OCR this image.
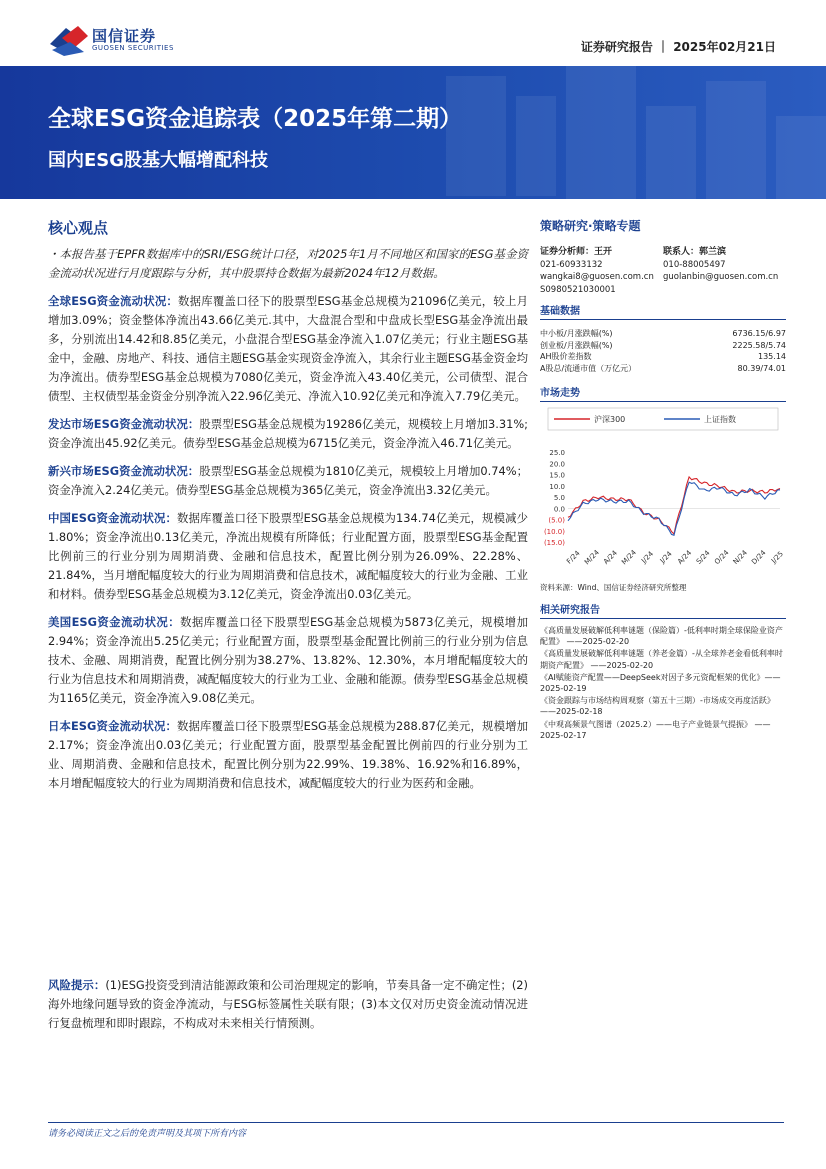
国信证券
GUOSEN SECURITIES	证券研究报告 ｜ 2025年02月21日
全球ESG资金追踪表（2025年第二期）
国内ESG股基大幅增配科技
核心观点

・本报告基于EPFR数据库中的SRI/ESG统计口径，对2025年1月不同地区和国家的ESG基金资金流动状况进行月度跟踪与分析，其中股票持仓数据为最新2024年12月数据。

全球ESG资金流动状况：数据库覆盖口径下的股票型ESG基金总规模为21096亿美元，较上月增加3.09%；资金整体净流出43.66亿美元.其中，大盘混合型和中盘成长型ESG基金净流出最多，分别流出14.42和8.85亿美元，小盘混合型ESG基金净流入1.07亿美元；行业主题ESG基金中，金融、房地产、科技、通信主题ESG基金实现资金净流入，其余行业主题ESG基金资金均为净流出。债券型ESG基金总规模为7080亿美元，资金净流入43.40亿美元，公司债型、混合债型、主权债型基金资金分别净流入22.96亿美元、净流入10.92亿美元和净流入7.79亿美元。

发达市场ESG资金流动状况：股票型ESG基金总规模为19286亿美元，规模较上月增加3.31%;资金净流出45.92亿美元。债券型ESG基金总规模为6715亿美元，资金净流入46.71亿美元。

新兴市场ESG资金流动状况：股票型ESG基金总规模为1810亿美元，规模较上月增加0.74%；资金净流入2.24亿美元。债券型ESG基金总规模为365亿美元，资金净流出3.32亿美元。

中国ESG资金流动状况：数据库覆盖口径下股票型ESG基金总规模为134.74亿美元，规模减少1.80%；资金净流出0.13亿美元，净流出规模有所降低；行业配置方面，股票型ESG基金配置比例前三的行业分别为周期消费、金融和信息技术，配置比例分别为26.09%、22.28%、21.84%，当月增配幅度较大的行业为周期消费和信息技术，减配幅度较大的行业为金融、工业和材料。债券型ESG基金总规模为3.12亿美元，资金净流出0.03亿美元。

美国ESG资金流动状况：数据库覆盖口径下股票型ESG基金总规模为5873亿美元，规模增加2.94%；资金净流出5.25亿美元；行业配置方面，股票型基金配置比例前三的行业分别为信息技术、金融、周期消费，配置比例分别为38.27%、13.82%、12.30%，本月增配幅度较大的行业为信息技术和周期消费，减配幅度较大的行业为工业、金融和能源。债券型ESG基金总规模为1165亿美元，资金净流入9.08亿美元。

日本ESG资金流动状况：数据库覆盖口径下股票型ESG基金总规模为288.87亿美元，规模增加2.17%；资金净流出0.03亿美元；行业配置方面，股票型基金配置比例前四的行业分别为工业、周期消费、金融和信息技术，配置比例分别为22.99%、19.38%、16.92%和16.89%，本月增配幅度较大的行业为周期消费和信息技术，减配幅度较大的行业为医药和金融。

风险提示：(1)ESG投资受到清洁能源政策和公司治理规定的影响，节奏具备一定不确定性；(2)海外地缘问题导致的资金净流动，与ESG标签属性关联有限；(3)本文仅对历史资金流动情况进行复盘梳理和即时跟踪，不构成对未来相关行情预测。
策略研究·策略专题
证券分析师：王开
021-60933132
wangkai8@guosen.com.cn
S0980521030001
联系人：郭兰滨
010-88005497
guolanbin@guosen.com.cn
基础数据
中小板/月涨跌幅(%)	6736.15/6.97
创业板/月涨跌幅(%)	2225.58/5.74
AH股价差指数	135.14
A股总/流通市值（万亿元）	80.39/74.01
市场走势
沪深300	上证指数
25.0
20.0
15.0
10.0
5.0
0.0
(5.0)
(10.0)
(15.0)
F/24 M/24 A/24 M/24 J/24 J/24 A/24 S/24 O/24 N/24 D/24 J/25
资料来源：Wind、国信证券经济研究所整理
相关研究报告
《高质量发展破解低利率谜题（保险篇）-低利率时期全球保险业资产配置》 ——2025-02-20
《高质量发展破解低利率谜题（养老金篇）-从全球养老金看低利率时期资产配置》 ——2025-02-20
《AI赋能资产配置——DeepSeek对因子多元资配框架的优化》——2025-02-19
《资金跟踪与市场结构周观察（第五十三期）-市场成交再度活跃》 ——2025-02-18
《中观高频景气图谱（2025.2）——电子产业链景气提振》 ——2025-02-17
请务必阅读正文之后的免责声明及其项下所有内容
